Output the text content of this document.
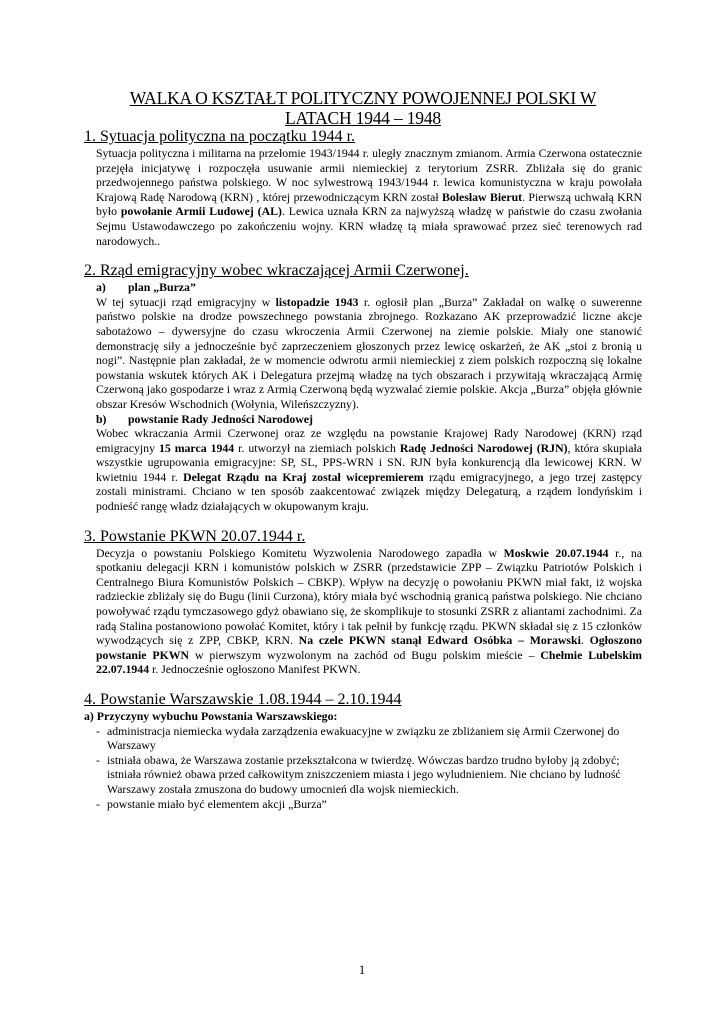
WALKA O KSZTAŁT POLITYCZNY POWOJENNEJ POLSKI W
LATACH 1944 – 1948
1. Sytuacja polityczna na początku 1944 r.
Sytuacja polityczna i militarna na przełomie 1943/1944 r. uległy znacznym zmianom. Armia Czerwona ostatecznie przejęła inicjatywę i rozpoczęła usuwanie armii niemieckiej z terytorium ZSRR. Zbliżała się do granic przedwojennego państwa polskiego. W noc sylwestrową 1943/1944 r. lewica komunistyczna w kraju powołała Krajową Radę Narodową (KRN) , której przewodniczącym KRN został Bolesław Bierut. Pierwszą uchwałą KRN było powołanie Armii Ludowej (AL). Lewica uznała KRN za najwyższą władzę w państwie do czasu zwołania Sejmu Ustawodawczego po zakończeniu wojny. KRN władzę tą miała sprawować przez sieć terenowych rad narodowych..
2. Rząd emigracyjny wobec wkraczającej Armii Czerwonej.
a) plan „Burza”
W tej sytuacji rząd emigracyjny w listopadzie 1943 r. ogłosił plan „Burza” Zakładał on walkę o suwerenne państwo polskie na drodze powszechnego powstania zbrojnego. Rozkazano AK przeprowadzić liczne akcje sabotażowo – dywersyjne do czasu wkroczenia Armii Czerwonej na ziemie polskie. Miały one stanowić demonstrację siły a jednocześnie być zaprzeczeniem głoszonych przez lewicę oskarżeń, że AK „stoi z bronią u nogi”. Następnie plan zakładał, że w momencie odwrotu armii niemieckiej z ziem polskich rozpoczną się lokalne powstania wskutek których AK i Delegatura przejmą władzę na tych obszarach i przywitają wkraczającą Armię Czerwoną jako gospodarze i wraz z Armią Czerwoną będą wyzwalać ziemie polskie. Akcja „Burza” objęła głównie obszar Kresów Wschodnich (Wołynia, Wileńszczyzny).
b) powstanie Rady Jedności Narodowej
Wobec wkraczania Armii Czerwonej oraz ze względu na powstanie Krajowej Rady Narodowej (KRN) rząd emigracyjny 15 marca 1944 r. utworzył na ziemiach polskich Radę Jedności Narodowej (RJN), która skupiała wszystkie ugrupowania emigracyjne: SP, SL, PPS-WRN i SN. RJN była konkurencją dla lewicowej KRN. W kwietniu 1944 r. Delegat Rządu na Kraj został wicepremierem rządu emigracyjnego, a jego trzej zastępcy zostali ministrami. Chciano w ten sposób zaakcentować związek między Delegaturą, a rządem londyńskim i podnieść rangę władz działających w okupowanym kraju.
3. Powstanie PKWN 20.07.1944 r.
Decyzja o powstaniu Polskiego Komitetu Wyzwolenia Narodowego zapadła w Moskwie 20.07.1944 r., na spotkaniu delegacji KRN i komunistów polskich w ZSRR (przedstawicie ZPP – Związku Patriotów Polskich i Centralnego Biura Komunistów Polskich – CBKP). Wpływ na decyzję o powołaniu PKWN miał fakt, iż wojska radzieckie zbliżały się do Bugu (linii Curzona), który miała być wschodnią granicą państwa polskiego. Nie chciano powoływać rządu tymczasowego gdyż obawiano się, że skomplikuje to stosunki ZSRR z aliantami zachodnimi. Za radą Stalina postanowiono powołać Komitet, który i tak pełnił by funkcję rządu. PKWN składał się z 15 członków wywodzących się z ZPP, CBKP, KRN. Na czele PKWN stanął Edward Osóbka – Morawski. Ogłoszono powstanie PKWN w pierwszym wyzwolonym na zachód od Bugu polskim mieście – Chełmie Lubelskim 22.07.1944 r. Jednocześnie ogłoszono Manifest PKWN.
4. Powstanie Warszawskie 1.08.1944 – 2.10.1944
a) Przyczyny wybuchu Powstania Warszawskiego:
- administracja niemiecka wydała zarządzenia ewakuacyjne w związku ze zbliżaniem się Armii Czerwonej do Warszawy
- istniała obawa, że Warszawa zostanie przekształcona w twierdzę. Wówczas bardzo trudno byłoby ją zdobyć; istniała również obawa przed całkowitym zniszczeniem miasta i jego wyludnieniem. Nie chciano by ludność Warszawy została zmuszona do budowy umocnień dla wojsk niemieckich.
- powstanie miało być elementem akcji „Burza”
1
